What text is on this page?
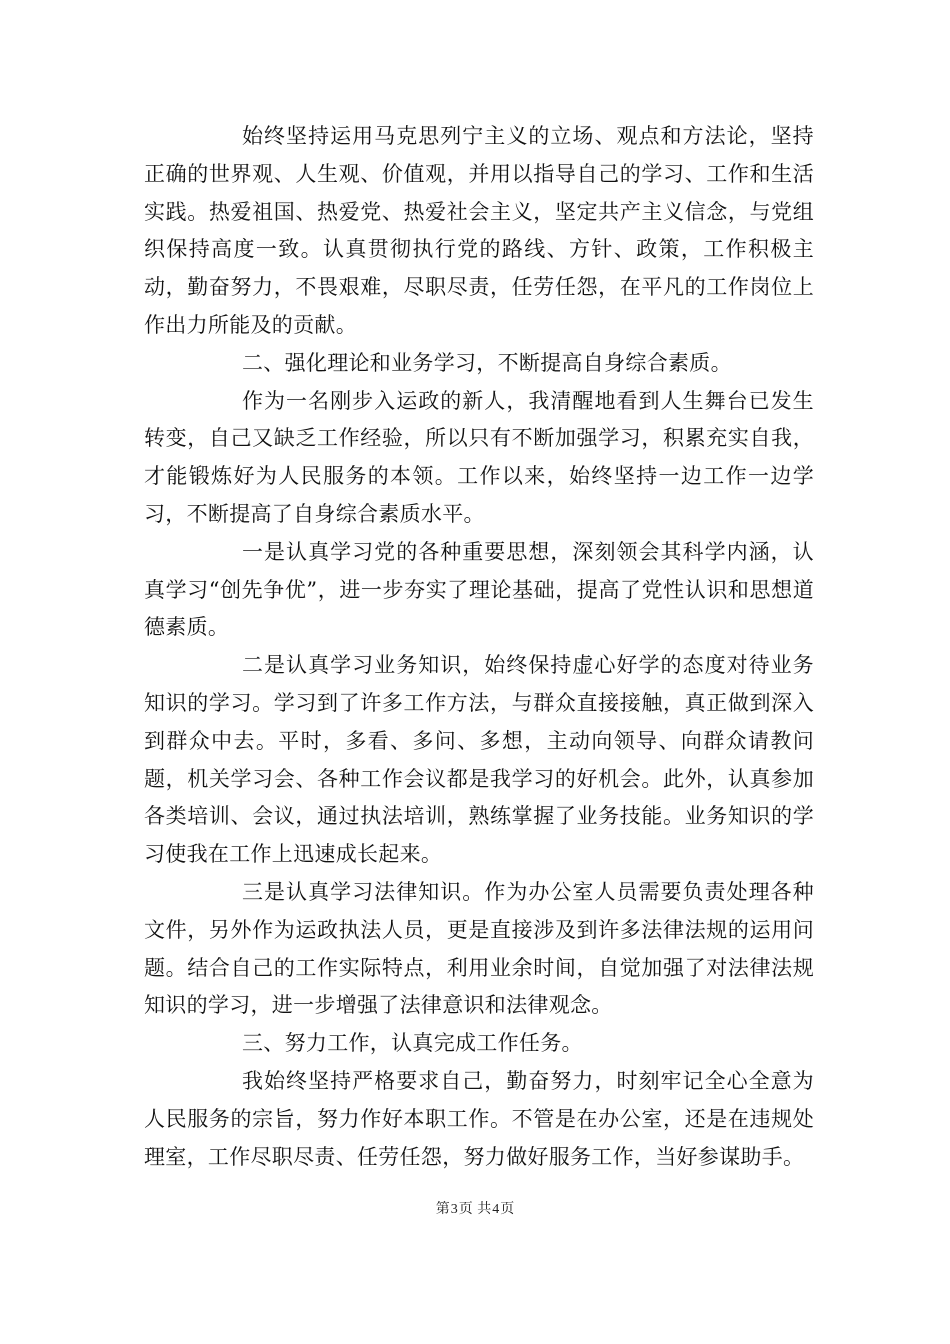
始终坚持运用马克思列宁主义的立场、观点和方法论，坚持正确的世界观、人生观、价值观，并用以指导自己的学习、工作和生活实践。热爱祖国、热爱党、热爱社会主义，坚定共产主义信念，与党组织保持高度一致。认真贯彻执行党的路线、方针、政策，工作积极主动，勤奋努力，不畏艰难，尽职尽责，任劳任怨，在平凡的工作岗位上作出力所能及的贡献。

二、强化理论和业务学习，不断提高自身综合素质。

作为一名刚步入运政的新人，我清醒地看到人生舞台已发生转变，自己又缺乏工作经验，所以只有不断加强学习，积累充实自我，才能锻炼好为人民服务的本领。工作以来，始终坚持一边工作一边学习，不断提高了自身综合素质水平。

一是认真学习党的各种重要思想，深刻领会其科学内涵，认真学习“创先争优”，进一步夯实了理论基础，提高了党性认识和思想道德素质。

二是认真学习业务知识，始终保持虚心好学的态度对待业务知识的学习。学习到了许多工作方法，与群众直接接触，真正做到深入到群众中去。平时，多看、多问、多想，主动向领导、向群众请教问题，机关学习会、各种工作会议都是我学习的好机会。此外，认真参加各类培训、会议，通过执法培训，熟练掌握了业务技能。业务知识的学习使我在工作上迅速成长起来。

三是认真学习法律知识。作为办公室人员需要负责处理各种文件，另外作为运政执法人员，更是直接涉及到许多法律法规的运用问题。结合自己的工作实际特点，利用业余时间，自觉加强了对法律法规知识的学习，进一步增强了法律意识和法律观念。

三、努力工作，认真完成工作任务。

我始终坚持严格要求自己，勤奋努力，时刻牢记全心全意为人民服务的宗旨，努力作好本职工作。不管是在办公室，还是在违规处理室，工作尽职尽责、任劳任怨，努力做好服务工作，当好参谋助手。

第3页 共4页
